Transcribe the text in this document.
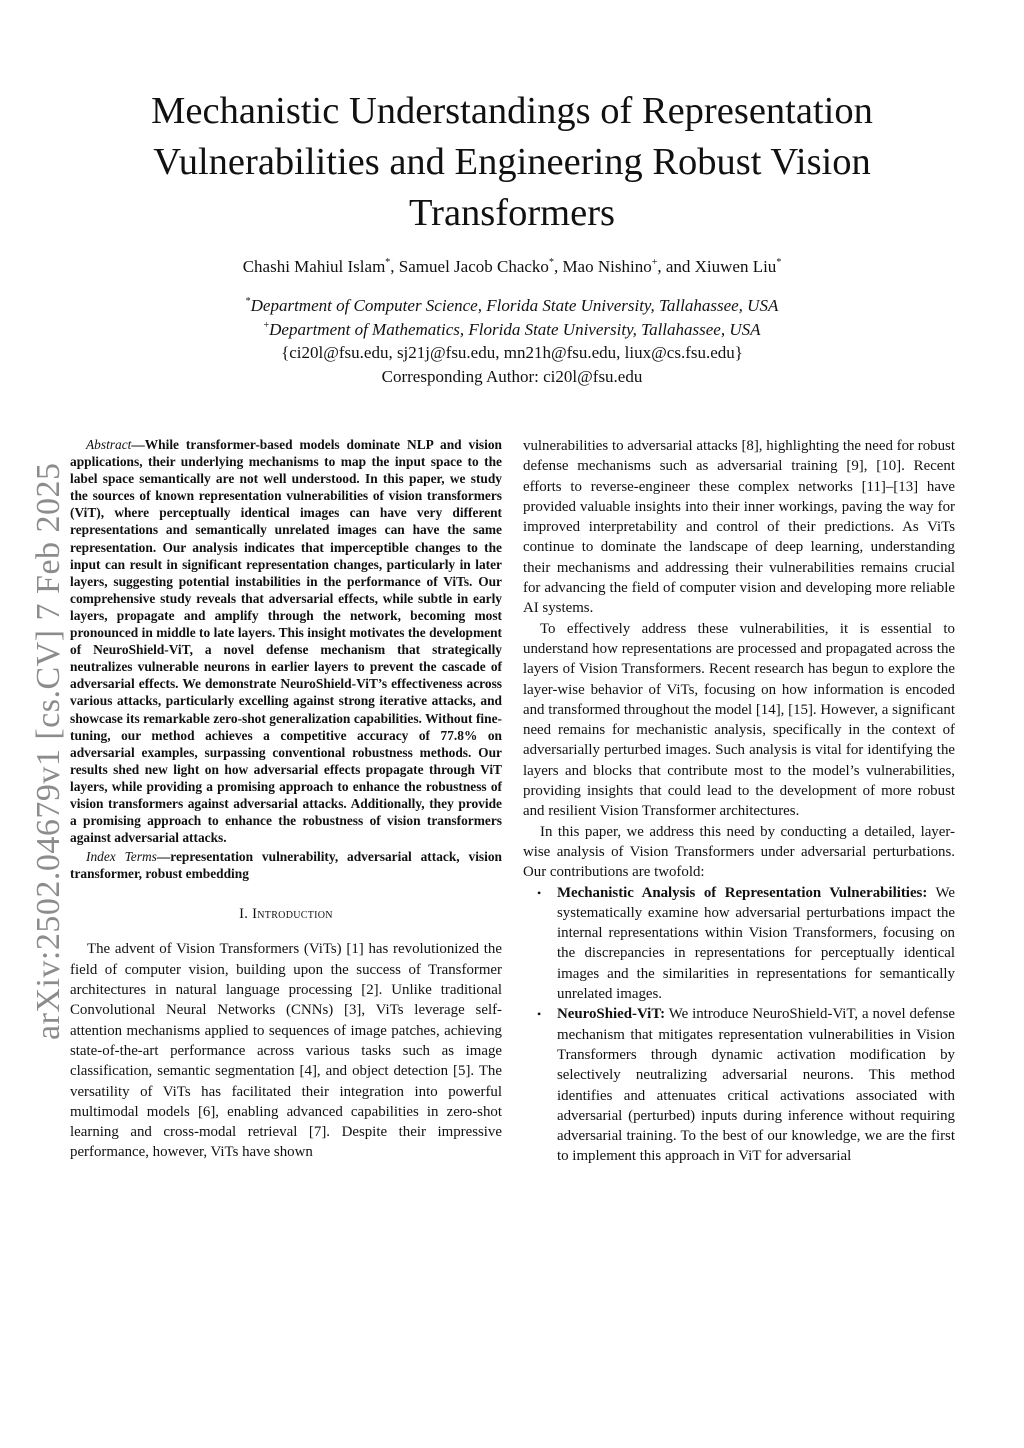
arXiv:2502.04679v1 [cs.CV] 7 Feb 2025
Mechanistic Understandings of Representation
Vulnerabilities and Engineering Robust Vision
Transformers
Chashi Mahiul Islam*, Samuel Jacob Chacko*, Mao Nishino+, and Xiuwen Liu*
*Department of Computer Science, Florida State University, Tallahassee, USA
+Department of Mathematics, Florida State University, Tallahassee, USA
{ci20l@fsu.edu, sj21j@fsu.edu, mn21h@fsu.edu, liux@cs.fsu.edu}
Corresponding Author: ci20l@fsu.edu

Abstract—While transformer-based models dominate NLP and vision applications, their underlying mechanisms to map the input space to the label space semantically are not well understood. In this paper, we study the sources of known representation vulnerabilities of vision transformers (ViT), where perceptually identical images can have very different representations and semantically unrelated images can have the same representation. Our analysis indicates that imperceptible changes to the input can result in significant representation changes, particularly in later layers, suggesting potential instabilities in the performance of ViTs. Our comprehensive study reveals that adversarial effects, while subtle in early layers, propagate and amplify through the network, becoming most pronounced in middle to late layers. This insight motivates the development of NeuroShield-ViT, a novel defense mechanism that strategically neutralizes vulnerable neurons in earlier layers to prevent the cascade of adversarial effects. We demonstrate NeuroShield-ViT’s effectiveness across various attacks, particularly excelling against strong iterative attacks, and showcase its remarkable zero-shot generalization capabilities. Without fine-tuning, our method achieves a competitive accuracy of 77.8% on adversarial examples, surpassing conventional robustness methods. Our results shed new light on how adversarial effects propagate through ViT layers, while providing a promising approach to enhance the robustness of vision transformers against adversarial attacks. Additionally, they provide a promising approach to enhance the robustness of vision transformers against adversarial attacks.

Index Terms—representation vulnerability, adversarial attack, vision transformer, robust embedding

I. Introduction

The advent of Vision Transformers (ViTs) [1] has revolutionized the field of computer vision, building upon the success of Transformer architectures in natural language processing [2]. Unlike traditional Convolutional Neural Networks (CNNs) [3], ViTs leverage self-attention mechanisms applied to sequences of image patches, achieving state-of-the-art performance across various tasks such as image classification, semantic segmentation [4], and object detection [5]. The versatility of ViTs has facilitated their integration into powerful multimodal models [6], enabling advanced capabilities in zero-shot learning and cross-modal retrieval [7]. Despite their impressive performance, however, ViTs have shown

vulnerabilities to adversarial attacks [8], highlighting the need for robust defense mechanisms such as adversarial training [9], [10]. Recent efforts to reverse-engineer these complex networks [11]–[13] have provided valuable insights into their inner workings, paving the way for improved interpretability and control of their predictions. As ViTs continue to dominate the landscape of deep learning, understanding their mechanisms and addressing their vulnerabilities remains crucial for advancing the field of computer vision and developing more reliable AI systems.

To effectively address these vulnerabilities, it is essential to understand how representations are processed and propagated across the layers of Vision Transformers. Recent research has begun to explore the layer-wise behavior of ViTs, focusing on how information is encoded and transformed throughout the model [14], [15]. However, a significant need remains for mechanistic analysis, specifically in the context of adversarially perturbed images. Such analysis is vital for identifying the layers and blocks that contribute most to the model’s vulnerabilities, providing insights that could lead to the development of more robust and resilient Vision Transformer architectures.

In this paper, we address this need by conducting a detailed, layer-wise analysis of Vision Transformers under adversarial perturbations. Our contributions are twofold:

• Mechanistic Analysis of Representation Vulnerabilities: We systematically examine how adversarial perturbations impact the internal representations within Vision Transformers, focusing on the discrepancies in representations for perceptually identical images and the similarities in representations for semantically unrelated images.
• NeuroShied-ViT: We introduce NeuroShield-ViT, a novel defense mechanism that mitigates representation vulnerabilities in Vision Transformers through dynamic activation modification by selectively neutralizing adversarial neurons. This method identifies and attenuates critical activations associated with adversarial (perturbed) inputs during inference without requiring adversarial training. To the best of our knowledge, we are the first to implement this approach in ViT for adversarial
